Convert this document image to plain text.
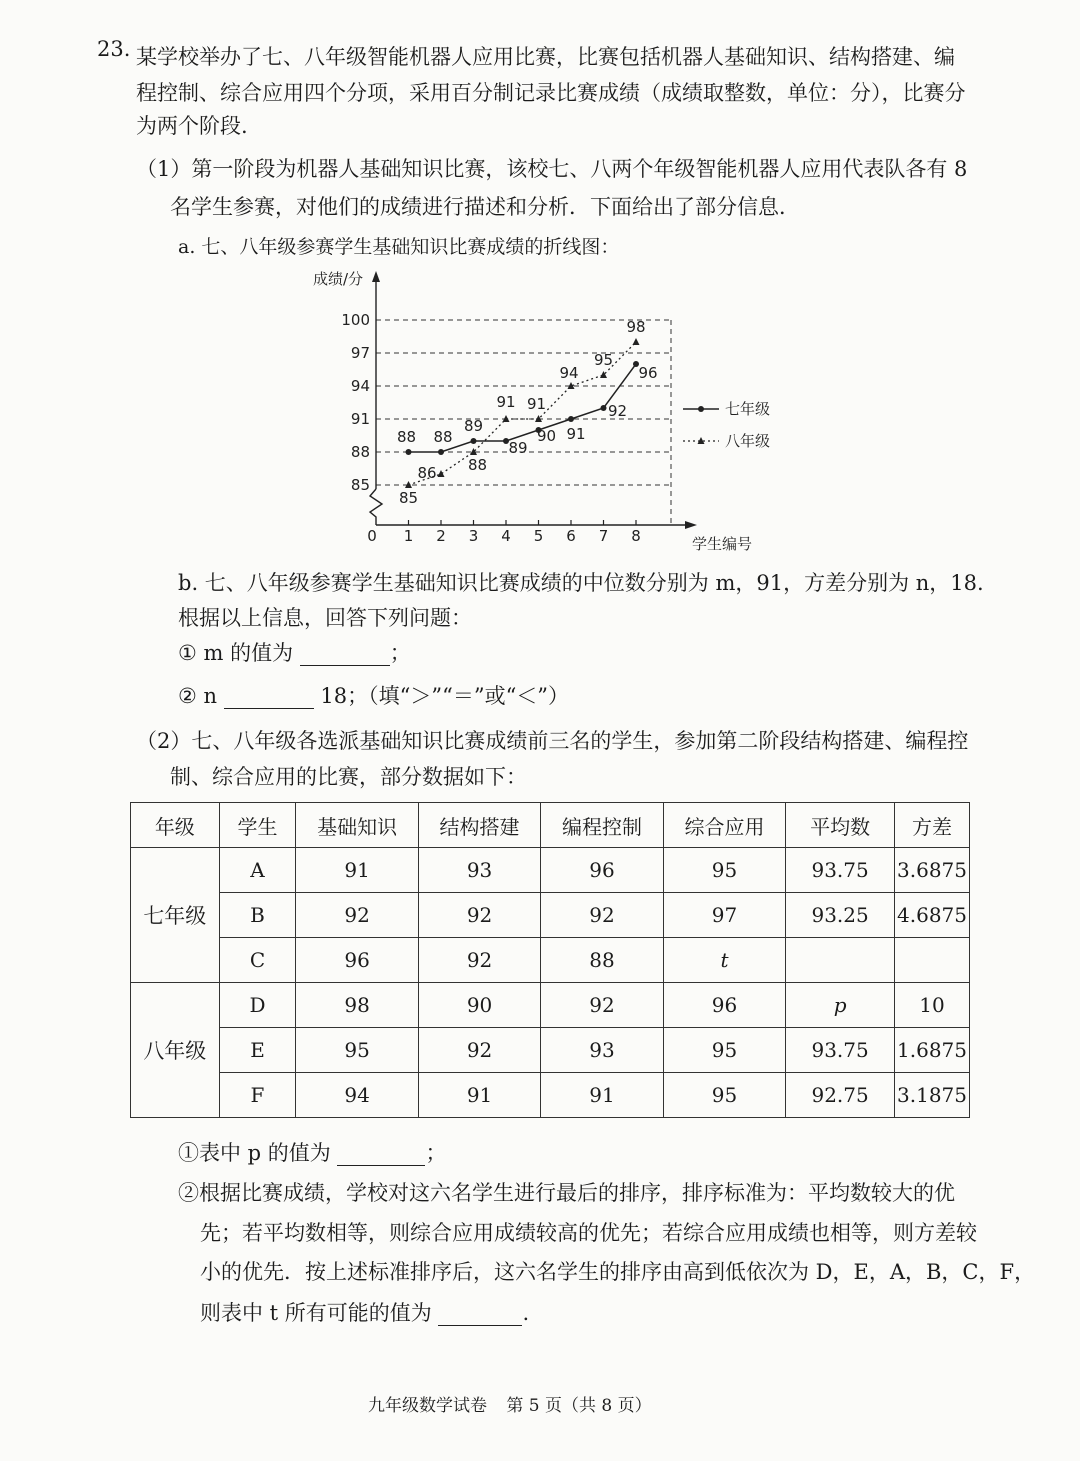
23. 某学校举办了七、八年级智能机器人应用比赛，比赛包括机器人基础知识、结构搭建、编
程控制、综合应用四个分项，采用百分制记录比赛成绩（成绩取整数，单位：分），比赛分
为两个阶段.
（1）第一阶段为机器人基础知识比赛，该校七、八两个年级智能机器人应用代表队各有 8
名学生参赛，对他们的成绩进行描述和分析．下面给出了部分信息．
a. 七、八年级参赛学生基础知识比赛成绩的折线图：
85
88
91
94
97
100
0 1 2 3 4 5 6 7 8
成绩/分
学生编号
88 88
89
89
90 91
92
96
85
86 88
91 91
94
95
98
七年级
八年级
b. 七、八年级参赛学生基础知识比赛成绩的中位数分别为 m，91，方差分别为 n，18.
根据以上信息，回答下列问题：
① m 的值为	；
② n	18；（填“＞”“＝”或“＜”）
（2）七、八年级各选派基础知识比赛成绩前三名的学生，参加第二阶段结构搭建、编程控
制、综合应用的比赛，部分数据如下：
年级	学生	基础知识	结构搭建	编程控制	综合应用	平均数	方差
七年级	A	91	93	96	95	93.75	3.6875
	B	92	92	92	97	93.25	4.6875
	C	96	92	88	t		
八年级	D	98	90	92	96	p	10
	E	95	92	93	95	93.75	1.6875
	F	94	91	91	95	92.75	3.1875
①表中 p 的值为	；
②根据比赛成绩，学校对这六名学生进行最后的排序，排序标准为：平均数较大的优
先；若平均数相等，则综合应用成绩较高的优先；若综合应用成绩也相等，则方差较
小的优先．按上述标准排序后，这六名学生的排序由高到低依次为 D，E，A，B，C，F，
则表中 t 所有可能的值为	.
九年级数学试卷 第 5 页（共 8 页）
